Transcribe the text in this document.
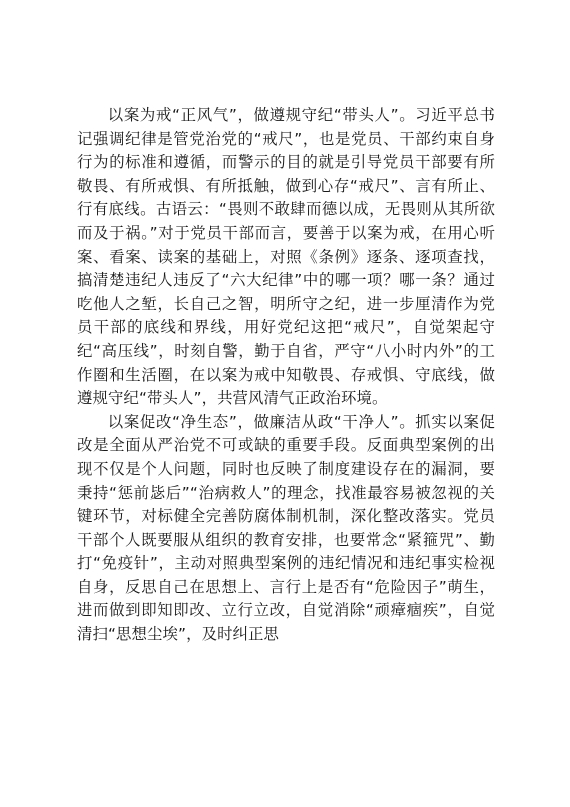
以案为戒“正风气”，做遵规守纪“带头人”。习近平总书记强调纪律是管党治党的“戒尺”，也是党员、干部约束自身行为的标准和遵循，而警示的目的就是引导党员干部要有所敬畏、有所戒惧、有所抵触，做到心存“戒尺”、言有所止、行有底线。古语云：“畏则不敢肆而德以成，无畏则从其所欲而及于祸。”对于党员干部而言，要善于以案为戒，在用心听案、看案、读案的基础上，对照《条例》逐条、逐项查找，搞清楚违纪人违反了“六大纪律”中的哪一项？哪一条？通过吃他人之堑，长自己之智，明所守之纪，进一步厘清作为党员干部的底线和界线，用好党纪这把“戒尺”，自觉架起守纪“高压线”，时刻自警，勤于自省，严守“八小时内外”的工作圈和生活圈，在以案为戒中知敬畏、存戒惧、守底线，做遵规守纪“带头人”，共营风清气正政治环境。

以案促改“净生态”，做廉洁从政“干净人”。抓实以案促改是全面从严治党不可或缺的重要手段。反面典型案例的出现不仅是个人问题，同时也反映了制度建设存在的漏洞，要秉持“惩前毖后”“治病救人”的理念，找准最容易被忽视的关键环节，对标健全完善防腐体制机制，深化整改落实。党员干部个人既要服从组织的教育安排，也要常念“紧箍咒”、勤打“免疫针”，主动对照典型案例的违纪情况和违纪事实检视自身，反思自己在思想上、言行上是否有“危险因子”萌生，进而做到即知即改、立行立改，自觉消除“顽瘴痼疾”，自觉清扫“思想尘埃”，及时纠正思
